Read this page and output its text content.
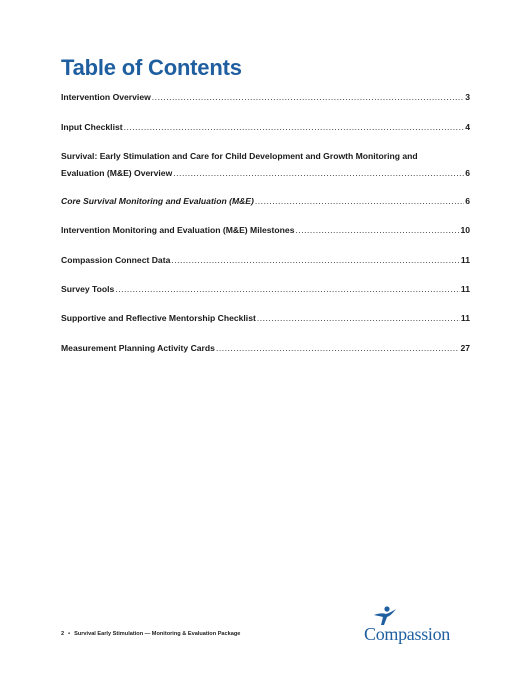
Table of Contents
Intervention Overview .....	3
Input Checklist .....	4
Survival: Early Stimulation and Care for Child Development and Growth Monitoring and
Evaluation (M&E) Overview .....	6
Core Survival Monitoring and Evaluation (M&E) .....	6
Intervention Monitoring and Evaluation (M&E) Milestones .....	10
Compassion Connect Data .....	11
Survey Tools .....	11
Supportive and Reflective Mentorship Checklist .....	11
Measurement Planning Activity Cards .....	27
2 • Survival Early Stimulation — Monitoring & Evaluation Package	Compassion
